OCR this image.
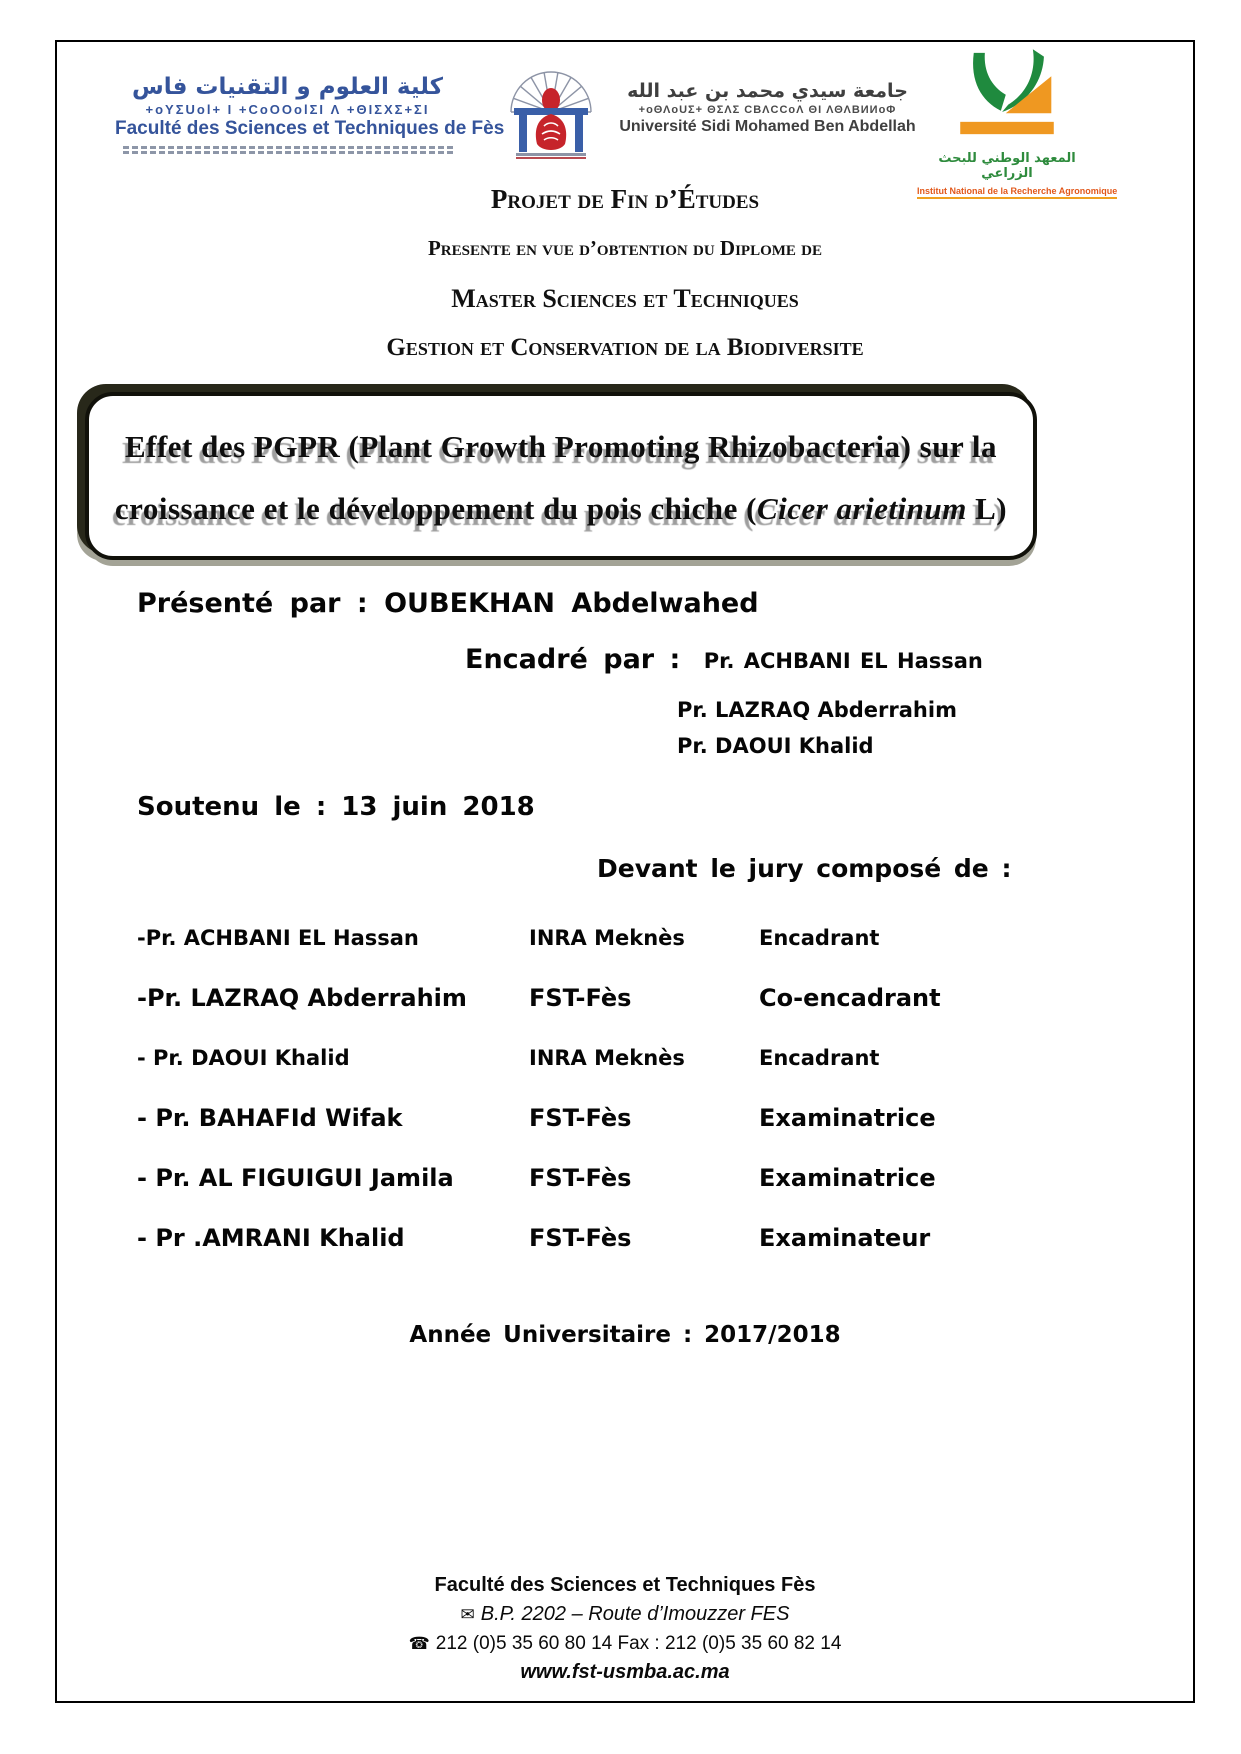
كلية العلوم و التقنيات فاس
+oYΣUol+ I +CoOOolΣI Λ +ΘIΣXΣ+ΣI
Faculté des Sciences et Techniques de Fès
جامعة سيدي محمد بن عبد الله
+oΘΛoUΣ+ ΘΣΛΣ CBΛCCoΛ ΘI ΛΘΛBИИoΦ
Université Sidi Mohamed Ben Abdellah
المعهد الوطني للبحث الزراعي
Institut National de la Recherche Agronomique
Projet de Fin d’Études
Presente en vue d’obtention du Diplome de
Master Sciences et Techniques
Gestion et Conservation de la Biodiversite
Effet des PGPR (Plant Growth Promoting Rhizobacteria) sur la
croissance et le développement du pois chiche (Cicer arietinum L)
Présenté par : OUBEKHAN Abdelwahed
Encadré par : Pr. ACHBANI EL Hassan
Pr. LAZRAQ Abderrahim
Pr. DAOUI Khalid
Soutenu le : 13 juin 2018
Devant le jury composé de :
-Pr. ACHBANI EL Hassan	INRA Meknès	Encadrant
-Pr. LAZRAQ Abderrahim	FST-Fès	Co-encadrant
- Pr. DAOUI Khalid	INRA Meknès	Encadrant
- Pr. BAHAFId Wifak	FST-Fès	Examinatrice
- Pr. AL FIGUIGUI Jamila	FST-Fès	Examinatrice
- Pr .AMRANI Khalid	FST-Fès	Examinateur
Année Universitaire : 2017/2018
Faculté des Sciences et Techniques Fès
✉ B.P. 2202 – Route d’Imouzzer FES
☎ 212 (0)5 35 60 80 14 Fax : 212 (0)5 35 60 82 14
www.fst-usmba.ac.ma
